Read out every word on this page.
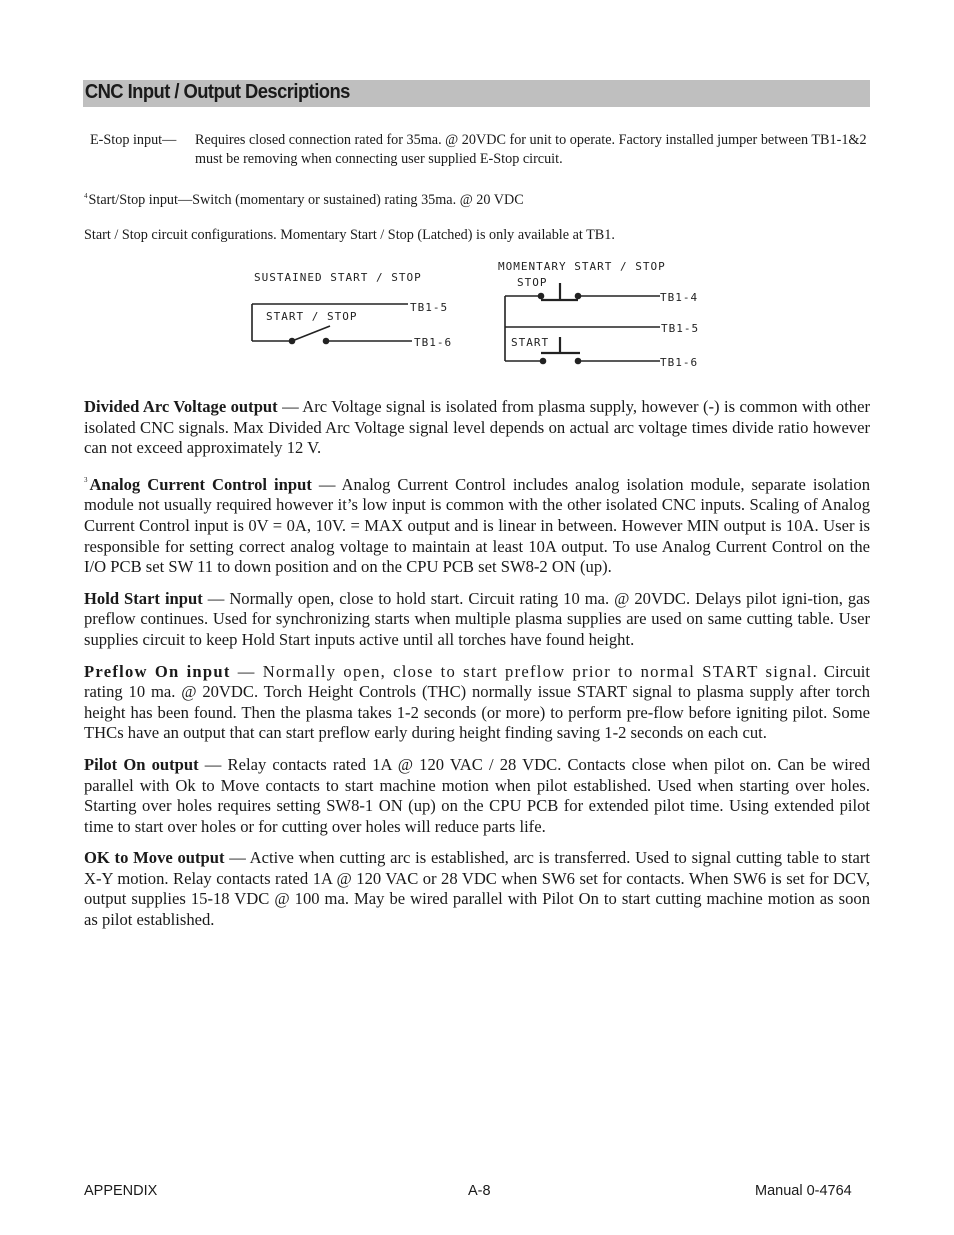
CNC Input / Output Descriptions
E-Stop input— Requires closed connection rated for 35ma. @ 20VDC for unit to operate. Factory installed jumper between TB1-1&2 must be removing when connecting user supplied E-Stop circuit.
$^4$Start/Stop input—Switch (momentary or sustained) rating 35ma. @ 20 VDC
Start / Stop circuit configurations. Momentary Start / Stop (Latched) is only available at TB1.
SUSTAINED START / STOP
START / STOP
TB1-5
TB1-6
MOMENTARY START / STOP
STOP
START
TB1-4
TB1-5
TB1-6

Divided Arc Voltage output — Arc Voltage signal is isolated from plasma supply, however (-) is common with other isolated CNC signals. Max Divided Arc Voltage signal level depends on actual arc voltage times divide ratio however can not exceed approximately 12 V.

$^3$ Analog Current Control input — Analog Current Control includes analog isolation module, separate isolation module not usually required however it’s low input is common with the other isolated CNC inputs. Scaling of Analog Current Control input is 0V = 0A, 10V. = MAX output and is linear in between. However MIN output is 10A. User is responsible for setting correct analog voltage to maintain at least 10A output. To use Analog Current Control on the I/O PCB set SW 11 to down position and on the CPU PCB set SW8-2 ON (up).

Hold Start input — Normally open, close to hold start. Circuit rating 10 ma. @ 20VDC. Delays pilot igni-tion, gas preflow continues. Used for synchronizing starts when multiple plasma supplies are used on same cutting table. User supplies circuit to keep Hold Start inputs active until all torches have found height.

Preflow On input — Normally open, close to start preflow prior to normal START signal. Circuit rating 10 ma. @ 20VDC. Torch Height Controls (THC) normally issue START signal to plasma supply after torch height has been found. Then the plasma takes 1-2 seconds (or more) to perform pre-flow before igniting pilot. Some THCs have an output that can start preflow early during height finding saving 1-2 seconds on each cut.

Pilot On output — Relay contacts rated 1A @ 120 VAC / 28 VDC. Contacts close when pilot on. Can be wired parallel with Ok to Move contacts to start machine motion when pilot established. Used when starting over holes. Starting over holes requires setting SW8-1 ON (up) on the CPU PCB for extended pilot time. Using extended pilot time to start over holes or for cutting over holes will reduce parts life.

OK to Move output — Active when cutting arc is established, arc is transferred. Used to signal cutting table to start X-Y motion. Relay contacts rated 1A @ 120 VAC or 28 VDC when SW6 set for contacts. When SW6 is set for DCV, output supplies 15-18 VDC @ 100 ma. May be wired parallel with Pilot On to start cutting machine motion as soon as pilot established.

APPENDIX	A-8	Manual 0-4764
